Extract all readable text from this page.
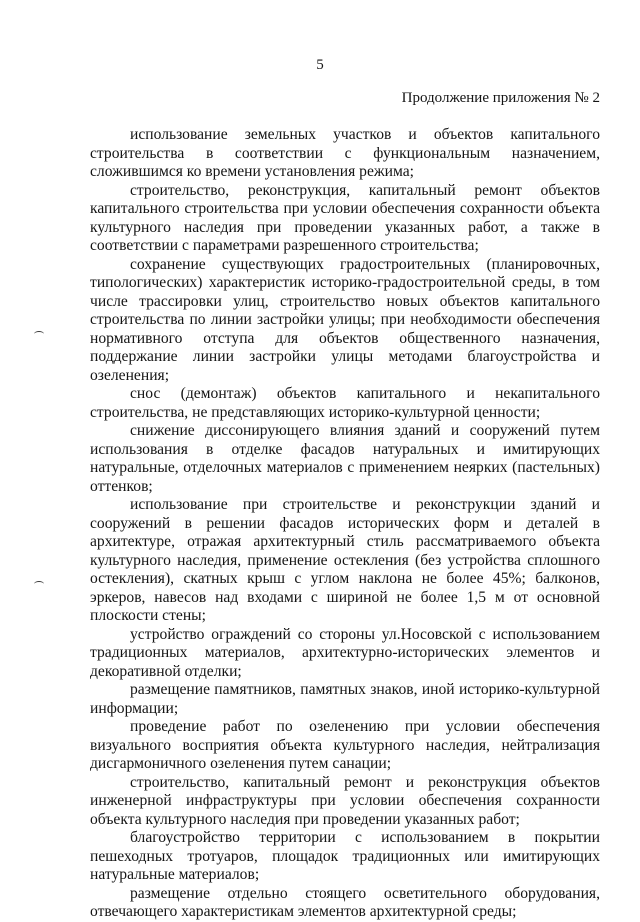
5
Продолжение приложения № 2

использование земельных участков и объектов капитального строительства в соответствии с функциональным назначением, сложившимся ко времени установления режима;

строительство, реконструкция, капитальный ремонт объектов капитального строительства при условии обеспечения сохранности объекта культурного наследия при проведении указанных работ, а также в соответствии с параметрами разрешенного строительства;

сохранение существующих градостроительных (планировочных, типологических) характеристик историко-градостроительной среды, в том числе трассировки улиц, строительство новых объектов капитального строительства по линии застройки улицы; при необходимости обеспечения нормативного отступа для объектов общественного назначения, поддержание линии застройки улицы методами благоустройства и озеленения;

снос (демонтаж) объектов капитального и некапитального строительства, не представляющих историко-культурной ценности;

снижение диссонирующего влияния зданий и сооружений путем использования в отделке фасадов натуральных и имитирующих натуральные, отделочных материалов с применением неярких (пастельных) оттенков;

использование при строительстве и реконструкции зданий и сооружений в решении фасадов исторических форм и деталей в архитектуре, отражая архитектурный стиль рассматриваемого объекта культурного наследия, применение остекления (без устройства сплошного остекления), скатных крыш с углом наклона не более 45%; балконов, эркеров, навесов над входами с шириной не более 1,5 м от основной плоскости стены;

устройство ограждений со стороны ул.Носовской с использованием традиционных материалов, архитектурно-исторических элементов и декоративной отделки;

размещение памятников, памятных знаков, иной историко-культурной информации;

проведение работ по озеленению при условии обеспечения визуального восприятия объекта культурного наследия, нейтрализация дисгармоничного озеленения путем санации;

строительство, капитальный ремонт и реконструкция объектов инженерной инфраструктуры при условии обеспечения сохранности объекта культурного наследия при проведении указанных работ;

благоустройство территории с использованием в покрытии пешеходных тротуаров, площадок традиционных или имитирующих натуральные материалов;

размещение отдельно стоящего осветительного оборудования, отвечающего характеристикам элементов архитектурной среды;
